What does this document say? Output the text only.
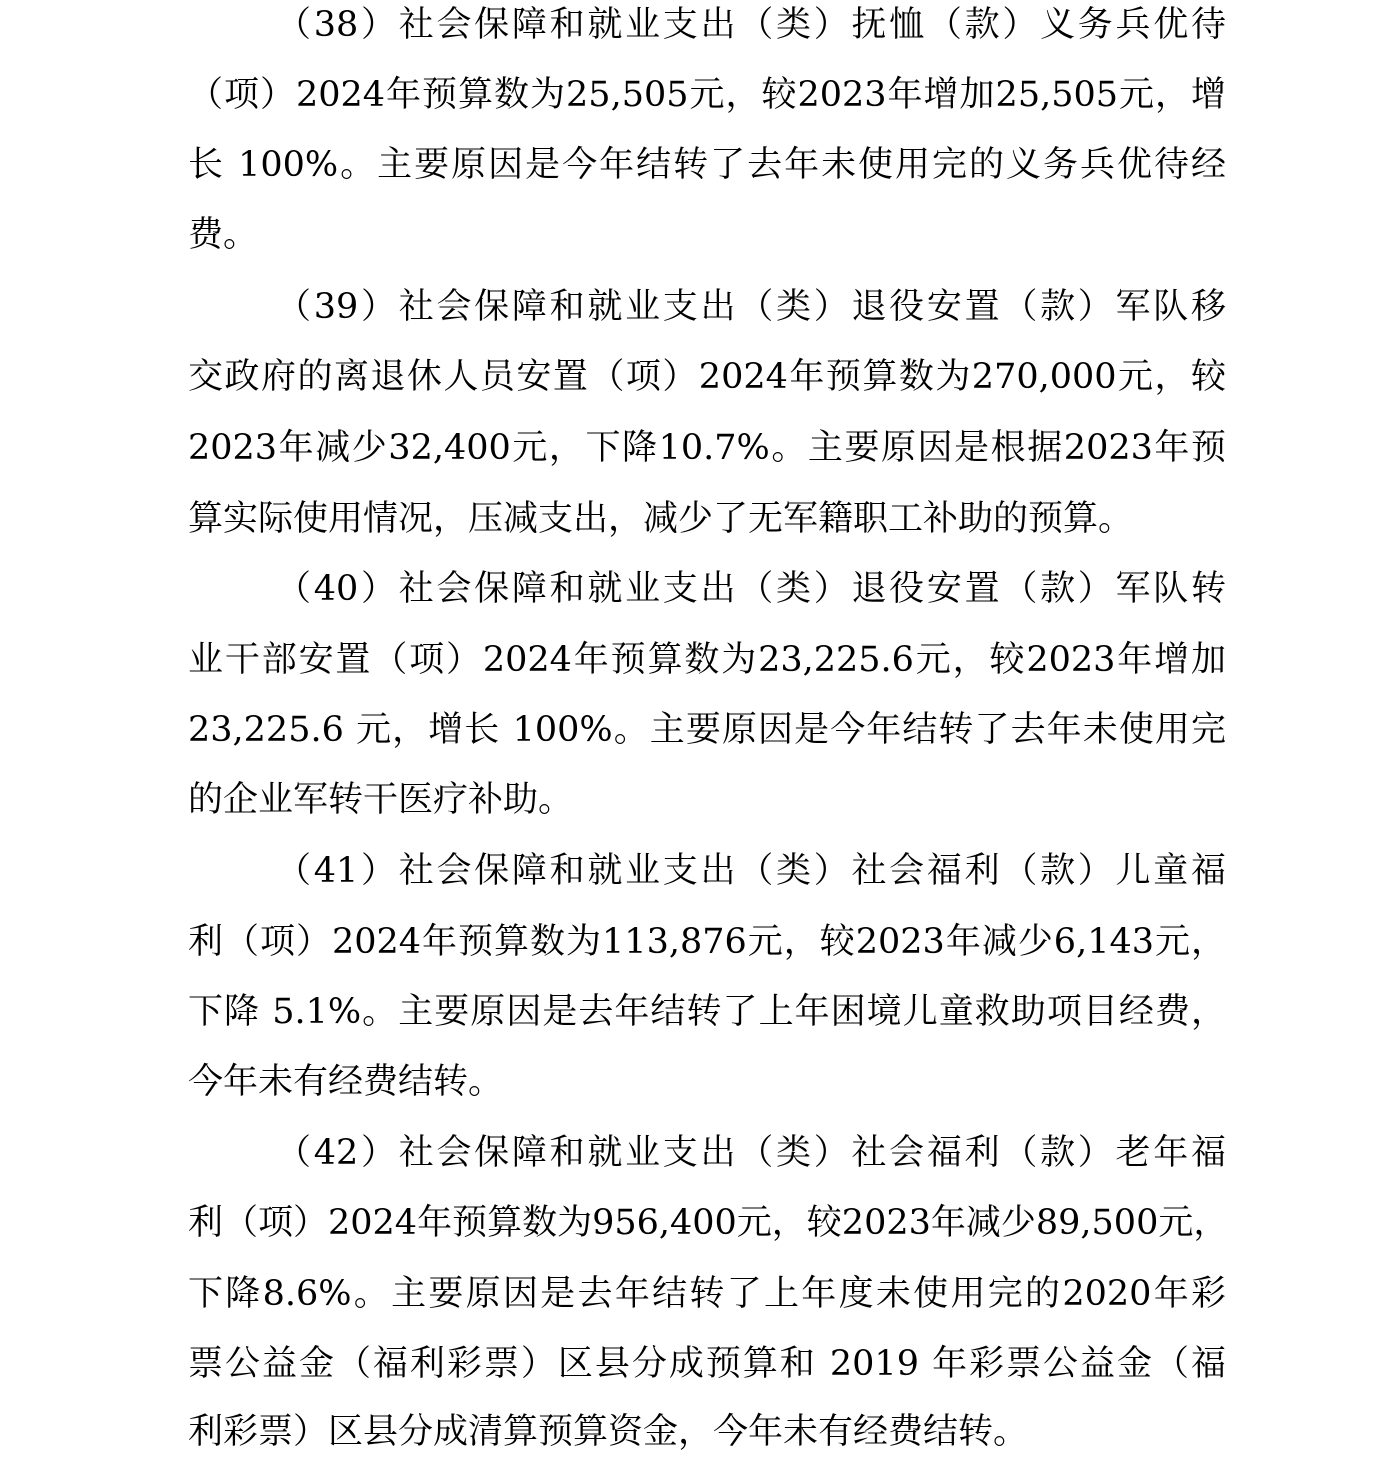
（38）社会保障和就业支出（类）抚恤（款）义务兵优待
（项）2024年预算数为25,505元，较2023年增加25,505元，增
长 100%。主要原因是今年结转了去年未使用完的义务兵优待经
费。
（39）社会保障和就业支出（类）退役安置（款）军队移
交政府的离退休人员安置（项）2024年预算数为270,000元，较
2023年减少32,400元，下降10.7%。主要原因是根据2023年预
算实际使用情况，压减支出，减少了无军籍职工补助的预算。
（40）社会保障和就业支出（类）退役安置（款）军队转
业干部安置（项）2024年预算数为23,225.6元，较2023年增加
23,225.6 元，增长 100%。主要原因是今年结转了去年未使用完
的企业军转干医疗补助。
（41）社会保障和就业支出（类）社会福利（款）儿童福
利（项）2024年预算数为113,876元，较2023年减少6,143元，
下降 5.1%。主要原因是去年结转了上年困境儿童救助项目经费，
今年未有经费结转。
（42）社会保障和就业支出（类）社会福利（款）老年福
利（项）2024年预算数为956,400元，较2023年减少89,500元，
下降8.6%。主要原因是去年结转了上年度未使用完的2020年彩
票公益金（福利彩票）区县分成预算和 2019 年彩票公益金（福
利彩票）区县分成清算预算资金，今年未有经费结转。
